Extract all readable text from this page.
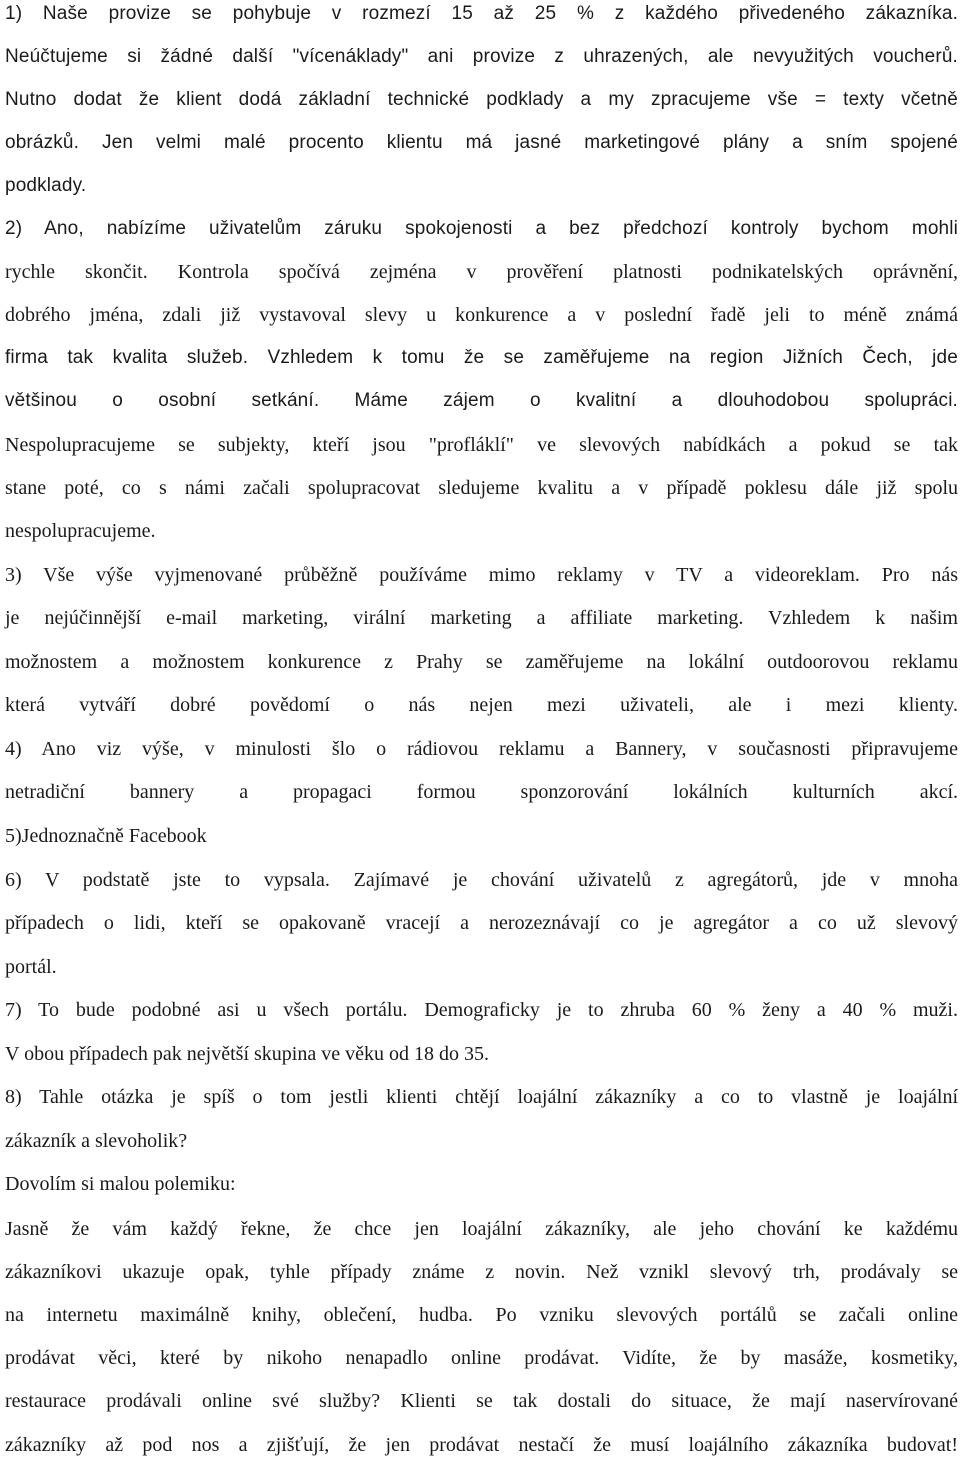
1) Naše provize se pohybuje v rozmezí 15 až 25 % z každého přivedeného zákazníka.
Neúčtujeme si žádné další "vícenáklady" ani provize z uhrazených, ale nevyužitých voucherů.
Nutno dodat že klient dodá základní technické podklady a my zpracujeme vše = texty včetně
obrázků. Jen velmi malé procento klientu má jasné marketingové plány a sním spojené
podklady.
2) Ano, nabízíme uživatelům záruku spokojenosti a bez předchozí kontroly bychom mohli
rychle skončit. Kontrola spočívá zejména v prověření platnosti podnikatelských oprávnění,
dobrého jména, zdali již vystavoval slevy u konkurence a v poslední řadě jeli to méně známá
firma tak kvalita služeb. Vzhledem k tomu že se zaměřujeme na region Jižních Čech, jde
většinou o osobní setkání. Máme zájem o kvalitní a dlouhodobou spolupráci.
Nespolupracujeme se subjekty, kteří jsou "profláklí" ve slevových nabídkách a pokud se tak
stane poté, co s námi začali spolupracovat sledujeme kvalitu a v případě poklesu dále již spolu
nespolupracujeme.
3) Vše výše vyjmenované průběžně používáme mimo reklamy v TV a videoreklam. Pro nás
je nejúčinnější e-mail marketing, virální marketing a affiliate marketing. Vzhledem k našim
možnostem a možnostem konkurence z Prahy se zaměřujeme na lokální outdoorovou reklamu
která vytváří dobré povědomí o nás nejen mezi uživateli, ale i mezi klienty.
4) Ano viz výše, v minulosti šlo o rádiovou reklamu a Bannery, v současnosti připravujeme
netradiční bannery a propagaci formou sponzorování lokálních kulturních akcí.
5)Jednoznačně Facebook
6) V podstatě jste to vypsala. Zajímavé je chování uživatelů z agregátorů, jde v mnoha
případech o lidi, kteří se opakovaně vracejí a nerozeznávají co je agregátor a co už slevový
portál.
7) To bude podobné asi u všech portálu. Demograficky je to zhruba 60 % ženy a 40 % muži.
V obou případech pak největší skupina ve věku od 18 do 35.
8) Tahle otázka je spíš o tom jestli klienti chtějí loajální zákazníky a co to vlastně je loajální
zákazník a slevoholik?
Dovolím si malou polemiku:
Jasně že vám každý řekne, že chce jen loajální zákazníky, ale jeho chování ke každému
zákazníkovi ukazuje opak, tyhle případy známe z novin. Než vznikl slevový trh, prodávaly se
na internetu maximálně knihy, oblečení, hudba. Po vzniku slevových portálů se začali online
prodávat věci, které by nikoho nenapadlo online prodávat. Vidíte, že by masáže, kosmetiky,
restaurace prodávali online své služby? Klienti se tak dostali do situace, že mají naservírované
zákazníky až pod nos a zjišťují, že jen prodávat nestačí že musí loajálního zákazníka budovat!
